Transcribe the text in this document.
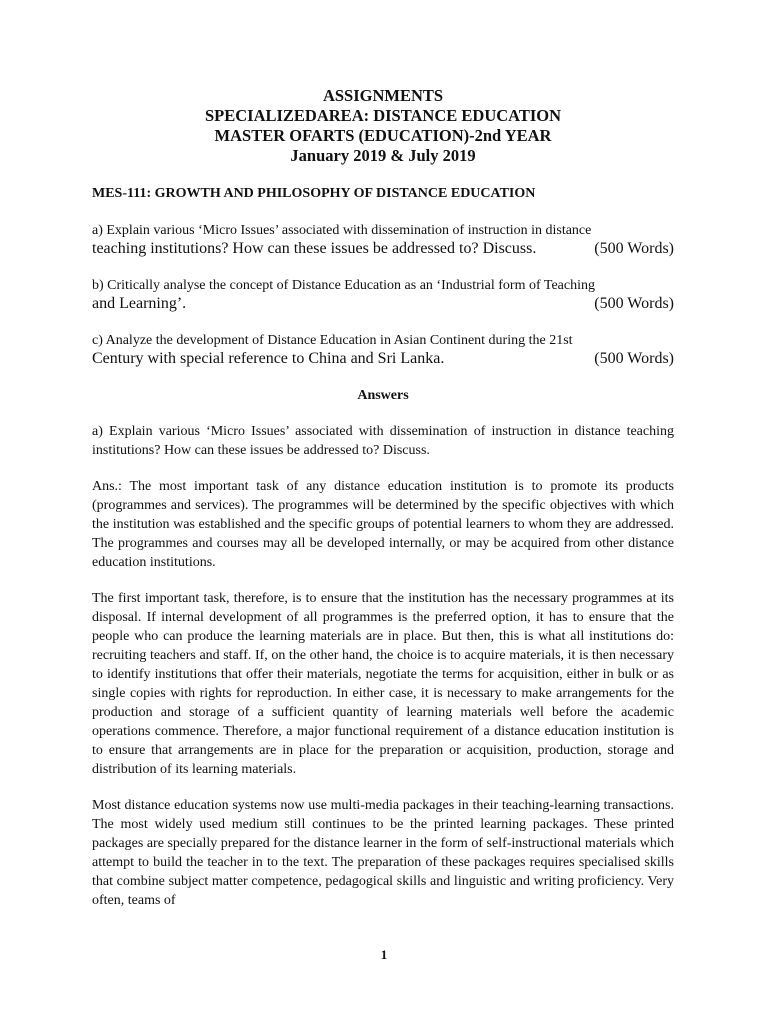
ASSIGNMENTS
SPECIALIZEDAREA: DISTANCE EDUCATION
MASTER OFARTS (EDUCATION)-2nd YEAR
January 2019 & July 2019
MES-111: GROWTH AND PHILOSOPHY OF DISTANCE EDUCATION

a) Explain various ‘Micro Issues’ associated with dissemination of instruction in distance

teaching institutions? How can these issues be addressed to? Discuss.	(500 Words)

b) Critically analyse the concept of Distance Education as an ‘Industrial form of Teaching

and Learning’.	(500 Words)

c) Analyze the development of Distance Education in Asian Continent during the 21st

Century with special reference to China and Sri Lanka.	(500 Words)
Answers

a) Explain various ‘Micro Issues’ associated with dissemination of instruction in distance teaching institutions? How can these issues be addressed to? Discuss.

Ans.: The most important task of any distance education institution is to promote its products (programmes and services). The programmes will be determined by the specific objectives with which the institution was established and the specific groups of potential learners to whom they are addressed. The programmes and courses may all be developed internally, or may be acquired from other distance education institutions.

The first important task, therefore, is to ensure that the institution has the necessary programmes at its disposal. If internal development of all programmes is the preferred option, it has to ensure that the people who can produce the learning materials are in place. But then, this is what all institutions do: recruiting teachers and staff. If, on the other hand, the choice is to acquire materials, it is then necessary to identify institutions that offer their materials, negotiate the terms for acquisition, either in bulk or as single copies with rights for reproduction. In either case, it is necessary to make arrangements for the production and storage of a sufficient quantity of learning materials well before the academic operations commence. Therefore, a major functional requirement of a distance education institution is to ensure that arrangements are in place for the preparation or acquisition, production, storage and distribution of its learning materials.

Most distance education systems now use multi-media packages in their teaching-learning transactions. The most widely used medium still continues to be the printed learning packages. These printed packages are specially prepared for the distance learner in the form of self-instructional materials which attempt to build the teacher in to the text. The preparation of these packages requires specialised skills that combine subject matter competence, pedagogical skills and linguistic and writing proficiency. Very often, teams of

1
